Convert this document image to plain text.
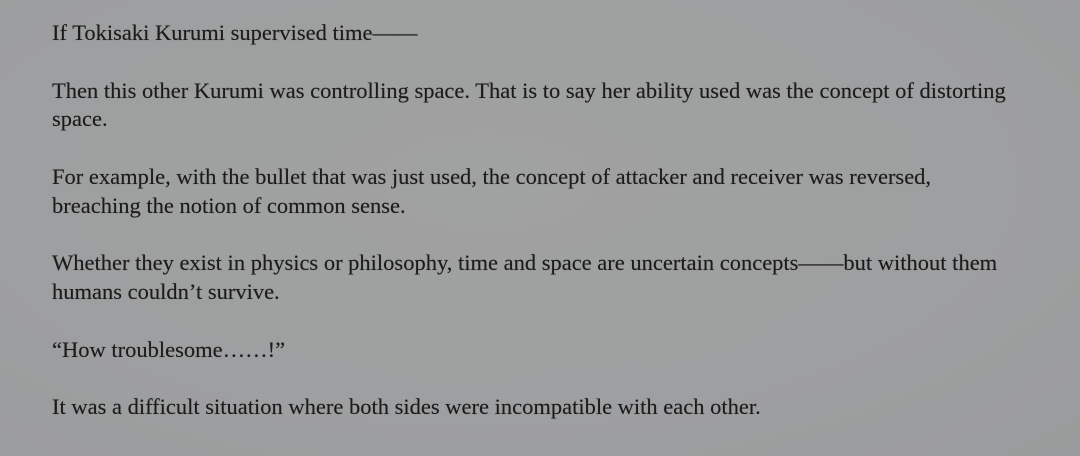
If Tokisaki Kurumi supervised time——

Then this other Kurumi was controlling space. That is to say her ability used was the concept of distorting space.

For example, with the bullet that was just used, the concept of attacker and receiver was reversed, breaching the notion of common sense.

Whether they exist in physics or philosophy, time and space are uncertain concepts——but without them humans couldn’t survive.

“How troublesome……!”

It was a difficult situation where both sides were incompatible with each other.
